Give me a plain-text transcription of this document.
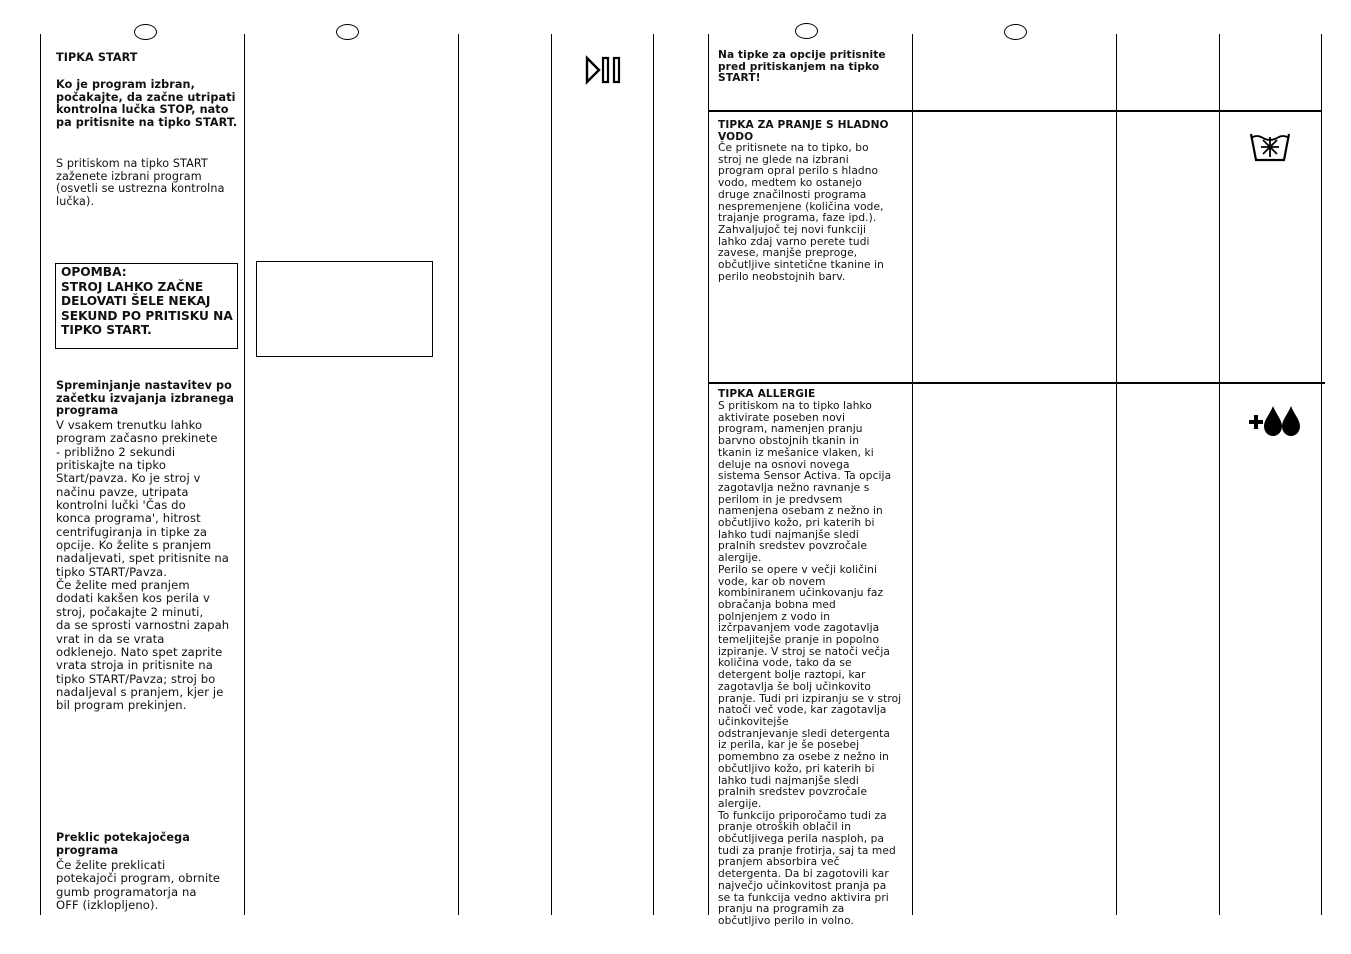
TIPKA START
Ko je program izbran,
počakajte, da začne utripati
kontrolna lučka STOP, nato
pa pritisnite na tipko START.
S pritiskom na tipko START
zaženete izbrani program
(osvetli se ustrezna kontrolna
lučka).
OPOMBA:
STROJ LAHKO ZAČNE
DELOVATI ŠELE NEKAJ
SEKUND PO PRITISKU NA
TIPKO START.
Spreminjanje nastavitev po
začetku izvajanja izbranega
programa
V vsakem trenutku lahko
program začasno prekinete
- približno 2 sekundi
pritiskajte na tipko
Start/pavza. Ko je stroj v
načinu pavze, utripata
kontrolni lučki 'Čas do
konca programa', hitrost
centrifugiranja in tipke za
opcije. Ko želite s pranjem
nadaljevati, spet pritisnite na
tipko START/Pavza.
Če želite med pranjem
dodati kakšen kos perila v
stroj, počakajte 2 minuti,
da se sprosti varnostni zapah
vrat in da se vrata
odklenejo. Nato spet zaprite
vrata stroja in pritisnite na
tipko START/Pavza; stroj bo
nadaljeval s pranjem, kjer je
bil program prekinjen.
Preklic potekajočega
programa
Če želite preklicati
potekajoči program, obrnite
gumb programatorja na
OFF (izklopljeno).
Na tipke za opcije pritisnite
pred pritiskanjem na tipko
START!
TIPKA ZA PRANJE S HLADNO
VODO
Če pritisnete na to tipko, bo
stroj ne glede na izbrani
program opral perilo s hladno
vodo, medtem ko ostanejo
druge značilnosti programa
nespremenjene (količina vode,
trajanje programa, faze ipd.).
Zahvaljujoč tej novi funkciji
lahko zdaj varno perete tudi
zavese, manjše preproge,
občutljive sintetične tkanine in
perilo neobstojnih barv.
TIPKA ALLERGIE
S pritiskom na to tipko lahko
aktivirate poseben novi
program, namenjen pranju
barvno obstojnih tkanin in
tkanin iz mešanice vlaken, ki
deluje na osnovi novega
sistema Sensor Activa. Ta opcija
zagotavlja nežno ravnanje s
perilom in je predvsem
namenjena osebam z nežno in
občutljivo kožo, pri katerih bi
lahko tudi najmanjše sledi
pralnih sredstev povzročale
alergije.
Perilo se opere v večji količini
vode, kar ob novem
kombiniranem učinkovanju faz
obračanja bobna med
polnjenjem z vodo in
izčrpavanjem vode zagotavlja
temeljitejše pranje in popolno
izpiranje. V stroj se natoči večja
količina vode, tako da se
detergent bolje raztopi, kar
zagotavlja še bolj učinkovito
pranje. Tudi pri izpiranju se v stroj
natoči več vode, kar zagotavlja
učinkovitejše
odstranjevanje sledi detergenta
iz perila, kar je še posebej
pomembno za osebe z nežno in
občutljivo kožo, pri katerih bi
lahko tudi najmanjše sledi
pralnih sredstev povzročale
alergije.
To funkcijo priporočamo tudi za
pranje otroških oblačil in
občutljivega perila nasploh, pa
tudi za pranje frotirja, saj ta med
pranjem absorbira več
detergenta. Da bi zagotovili kar
največjo učinkovitost pranja pa
se ta funkcija vedno aktivira pri
pranju na programih za
občutljivo perilo in volno.
